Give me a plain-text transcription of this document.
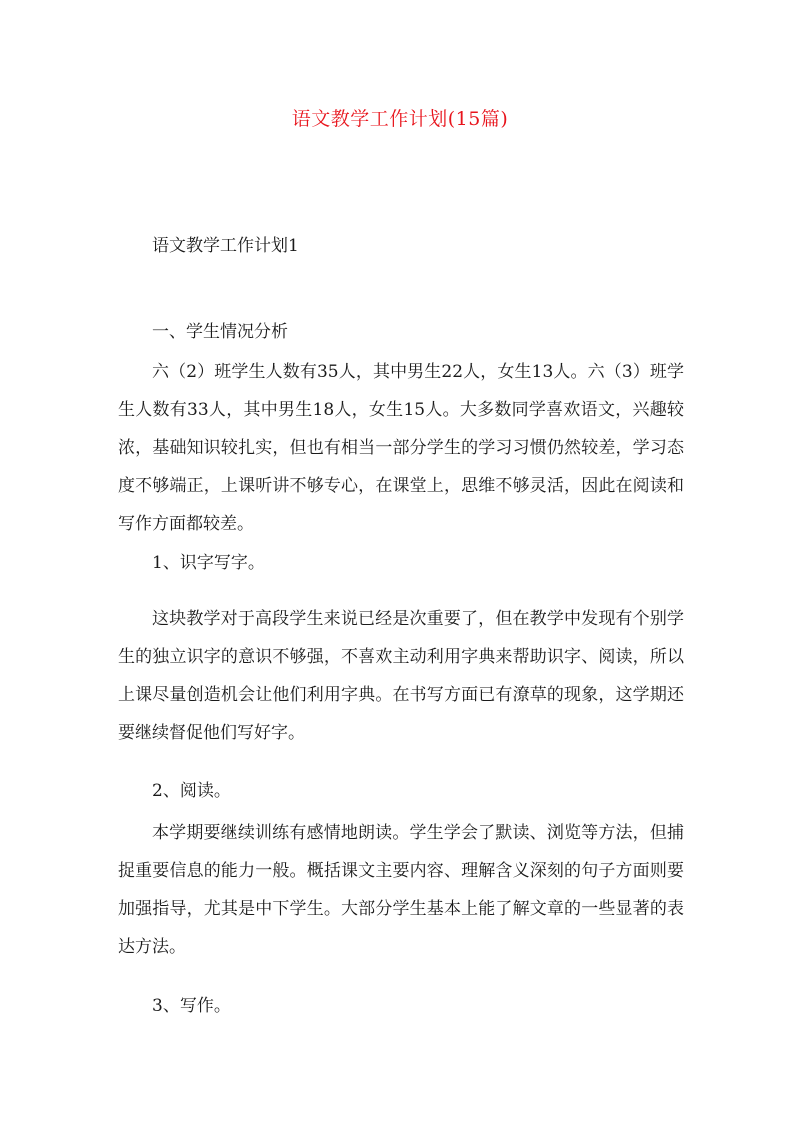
语文教学工作计划(15篇)

语文教学工作计划1

一、学生情况分析

六（2）班学生人数有35人，其中男生22人，女生13人。六（3）班学生人数有33人，其中男生18人，女生15人。大多数同学喜欢语文，兴趣较浓，基础知识较扎实，但也有相当一部分学生的学习习惯仍然较差，学习态度不够端正，上课听讲不够专心，在课堂上，思维不够灵活，因此在阅读和写作方面都较差。

1、识字写字。

这块教学对于高段学生来说已经是次重要了，但在教学中发现有个别学生的独立识字的意识不够强，不喜欢主动利用字典来帮助识字、阅读，所以上课尽量创造机会让他们利用字典。在书写方面已有潦草的现象，这学期还要继续督促他们写好字。

2、阅读。

本学期要继续训练有感情地朗读。学生学会了默读、浏览等方法，但捕捉重要信息的能力一般。概括课文主要内容、理解含义深刻的句子方面则要加强指导，尤其是中下学生。大部分学生基本上能了解文章的一些显著的表达方法。

3、写作。
